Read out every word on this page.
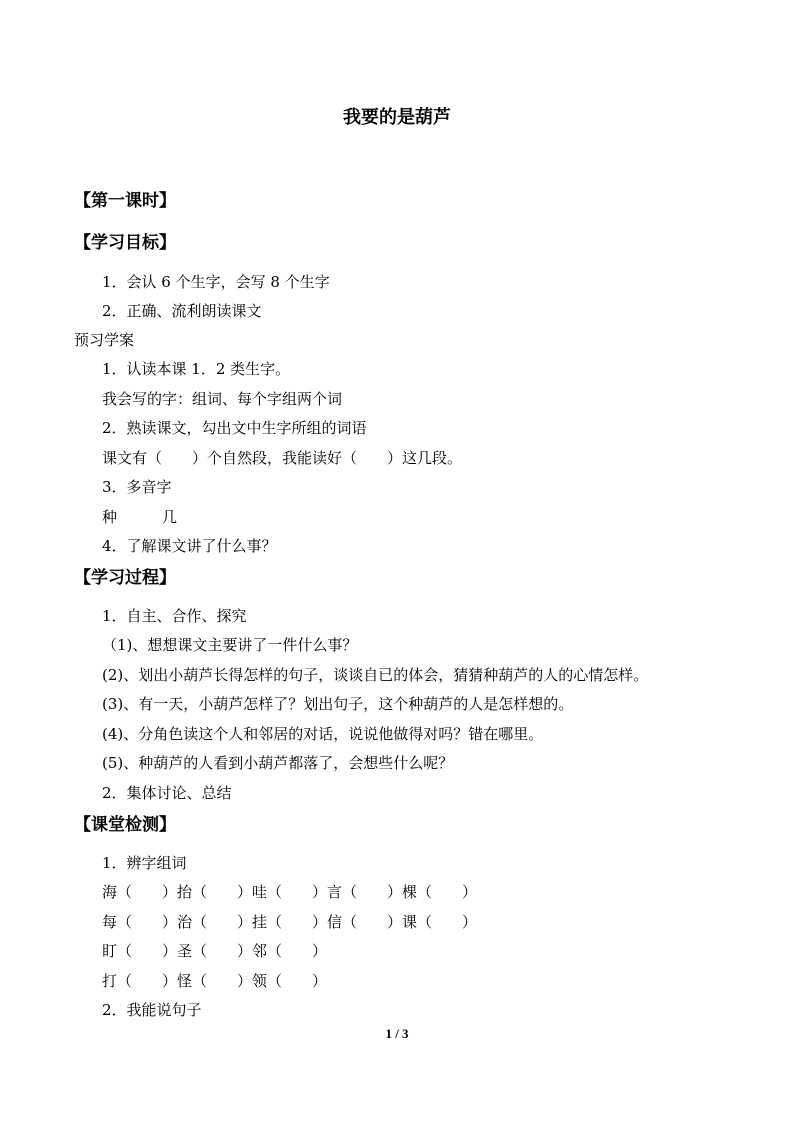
我要的是葫芦
【第一课时】
【学习目标】
1．会认 6 个生字，会写 8 个生字
2．正确、流利朗读课文
预习学案
1．认读本课 1．2 类生字。
我会写的字：组词、每个字组两个词
2．熟读课文，勾出文中生字所组的词语
课文有（　　）个自然段，我能读好（　　）这几段。
3．多音字
种　　　几
4．了解课文讲了什么事？
【学习过程】
1．自主、合作、探究
（1)、想想课文主要讲了一件什么事？
(2)、划出小葫芦长得怎样的句子，谈谈自已的体会，猜猜种葫芦的人的心情怎样。
(3)、有一天，小葫芦怎样了？划出句子，这个种葫芦的人是怎样想的。
(4)、分角色读这个人和邻居的对话，说说他做得对吗？错在哪里。
(5)、种葫芦的人看到小葫芦都落了，会想些什么呢？
2．集体讨论、总结
【课堂检测】
1．辨字组词
海（　　）抬（　　）哇（　　）言（　　）棵（　　）
每（　　）治（　　）挂（　　）信（　　）课（　　）
盯（　　）圣（　　）邻（　　）
打（　　）怪（　　）领（　　）
2．我能说句子
1 / 3
